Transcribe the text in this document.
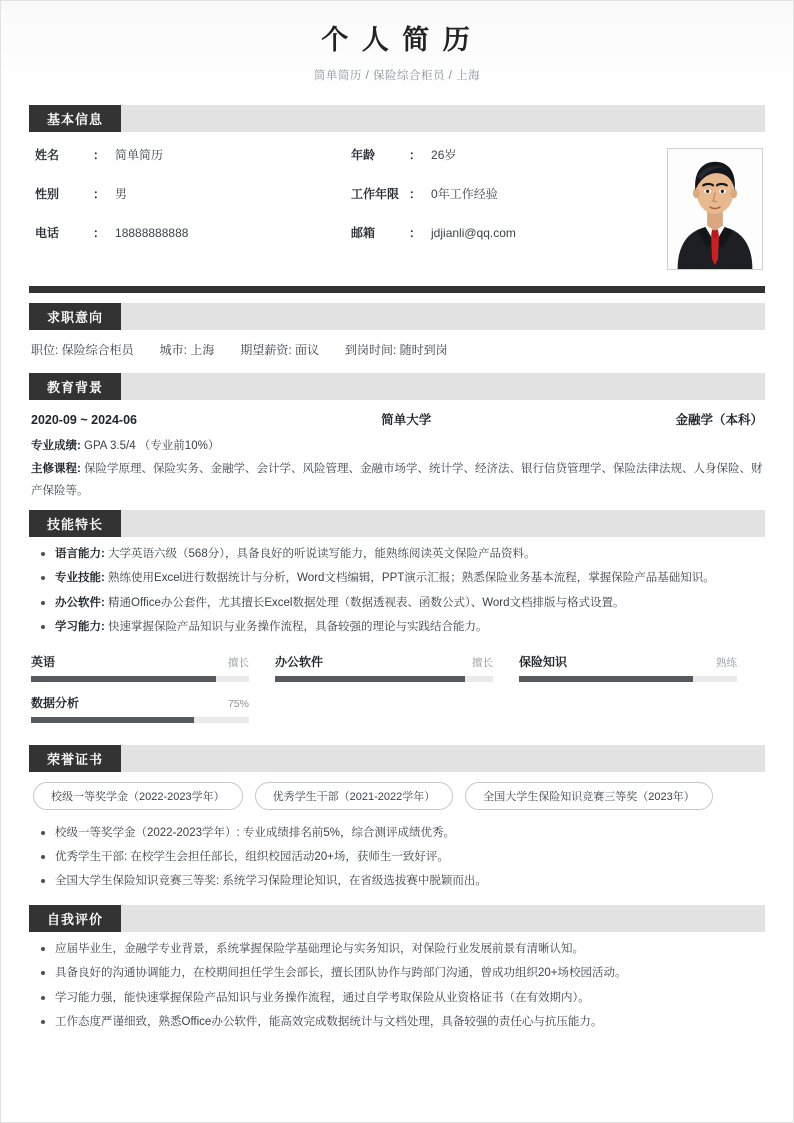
个 人 简 历
简单简历 / 保险综合柜员 / 上海
基本信息
姓名	： 简单简历	年龄	： 26岁
性别	： 男	工作年限 ： 0年工作经验
电话	： 18888888888	邮箱	： jdjianli@qq.com
求职意向
职位: 保险综合柜员 城市: 上海 期望薪资: 面议 到岗时间: 随时到岗
教育背景
2020-09 ~ 2024-06	简单大学	金融学（本科）
专业成绩: GPA 3.5/4 （专业前10%）
主修课程: 保险学原理、保险实务、金融学、会计学、风险管理、金融市场学、统计学、经济法、银行信贷管理学、保险法律法规、人身保险、财产保险等。
技能特长
语言能力: 大学英语六级（568分），具备良好的听说读写能力，能熟练阅读英文保险产品资料。
专业技能: 熟练使用Excel进行数据统计与分析，Word文档编辑，PPT演示汇报；熟悉保险业务基本流程，掌握保险产品基础知识。
办公软件: 精通Office办公套件，尤其擅长Excel数据处理（数据透视表、函数公式）、Word文档排版与格式设置。
学习能力: 快速掌握保险产品知识与业务操作流程，具备较强的理论与实践结合能力。
英语	擅长 办公软件	擅长 保险知识	熟练
数据分析	75%
荣誉证书
校级一等奖学金（2022-2023学年）	优秀学生干部（2021-2022学年）	全国大学生保险知识竞赛三等奖（2023年）
校级一等奖学金（2022-2023学年）: 专业成绩排名前5%，综合测评成绩优秀。
优秀学生干部: 在校学生会担任部长，组织校园活动20+场，获师生一致好评。
全国大学生保险知识竞赛三等奖: 系统学习保险理论知识，在省级选拔赛中脱颖而出。
自我评价
应届毕业生，金融学专业背景，系统掌握保险学基础理论与实务知识，对保险行业发展前景有清晰认知。
具备良好的沟通协调能力，在校期间担任学生会部长，擅长团队协作与跨部门沟通，曾成功组织20+场校园活动。
学习能力强，能快速掌握保险产品知识与业务操作流程，通过自学考取保险从业资格证书（在有效期内）。
工作态度严谨细致，熟悉Office办公软件，能高效完成数据统计与文档处理，具备较强的责任心与抗压能力。
